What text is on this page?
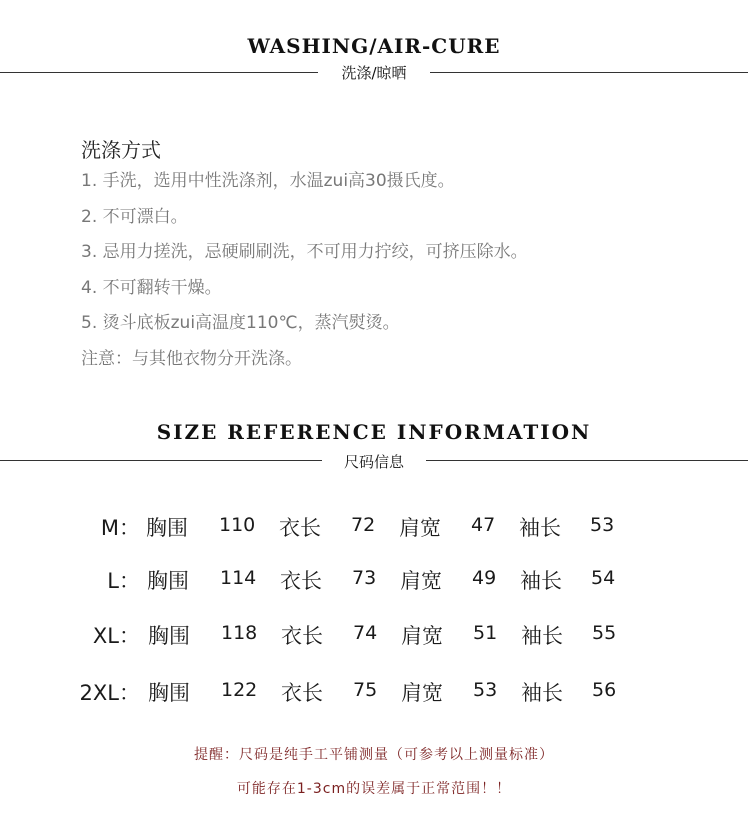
WASHING/AIR-CURE
洗涤/晾晒
洗涤方式
1. 手洗，选用中性洗涤剂，水温zui高30摄氏度。
2. 不可漂白。
3. 忌用力搓洗，忌硬刷刷洗，不可用力拧绞，可挤压除水。
4. 不可翻转干燥。
5. 烫斗底板zui高温度110℃，蒸汽熨烫。
注意：与其他衣物分开洗涤。
SIZE REFERENCE INFORMATION
尺码信息
M： 胸围 110 衣长 72 肩宽 47 袖长 53
L： 胸围 114 衣长 73 肩宽 49 袖长 54
XL： 胸围 118 衣长 74 肩宽 51 袖长 55
2XL： 胸围 122 衣长 75 肩宽 53 袖长 56
提醒：尺码是纯手工平铺测量（可参考以上测量标准）
可能存在1-3cm的误差属于正常范围！！
